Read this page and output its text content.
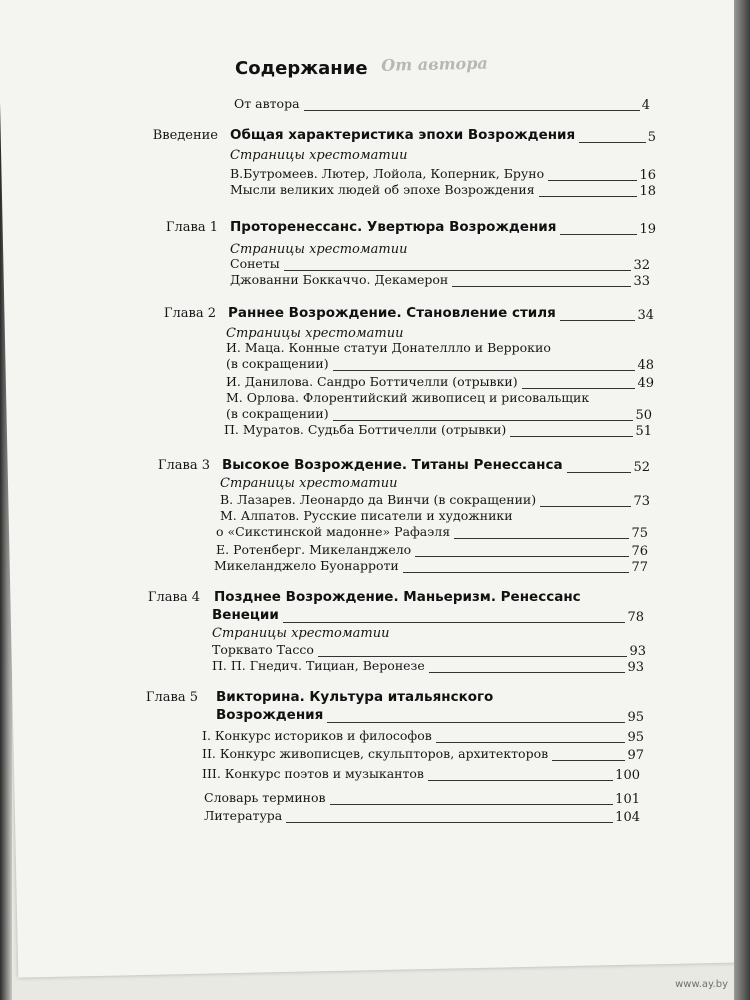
От автора
Содержание
От автора	4
Введение Общая характеристика эпохи Возрождения	5
Страницы хрестоматии
В.Бутромеев. Лютер, Лойола, Коперник, Бруно	16
Мысли великих людей об эпохе Возрождения	18
Глава 1 Проторенессанс. Увертюра Возрождения	19
Страницы хрестоматии
Сонеты	32
Джованни Боккаччо. Декамерон	33
Глава 2 Раннее Возрождение. Становление стиля	34
Страницы хрестоматии
И. Маца. Конные статуи Донателлло и Веррокио
(в сокращении)	48
И. Данилова. Сандро Боттичелли (отрывки)	49
М. Орлова. Флорентийский живописец и рисовальщик
(в сокращении)	50
П. Муратов. Судьба Боттичелли (отрывки)	51
Глава 3 Высокое Возрождение. Титаны Ренессанса	52
Страницы хрестоматии
В. Лазарев. Леонардо да Винчи (в сокращении)	73
М. Алпатов. Русские писатели и художники
о «Сикстинской мадонне» Рафаэля	75
Е. Ротенберг. Микеланджело	76
Микеланджело Буонарроти	77
Глава 4 Позднее Возрождение. Маньеризм. Ренессанс
Венеции	78
Страницы хрестоматии
Торквато Тассо	93
П. П. Гнедич. Тициан, Веронезе	93
Глава 5 Викторина. Культура итальянского
Возрождения	95
I. Конкурс историков и философов	95
II. Конкурс живописцев, скульпторов, архитекторов	97
III. Конкурс поэтов и музыкантов	100
Словарь терминов	101
Литература	104
www.ay.by
